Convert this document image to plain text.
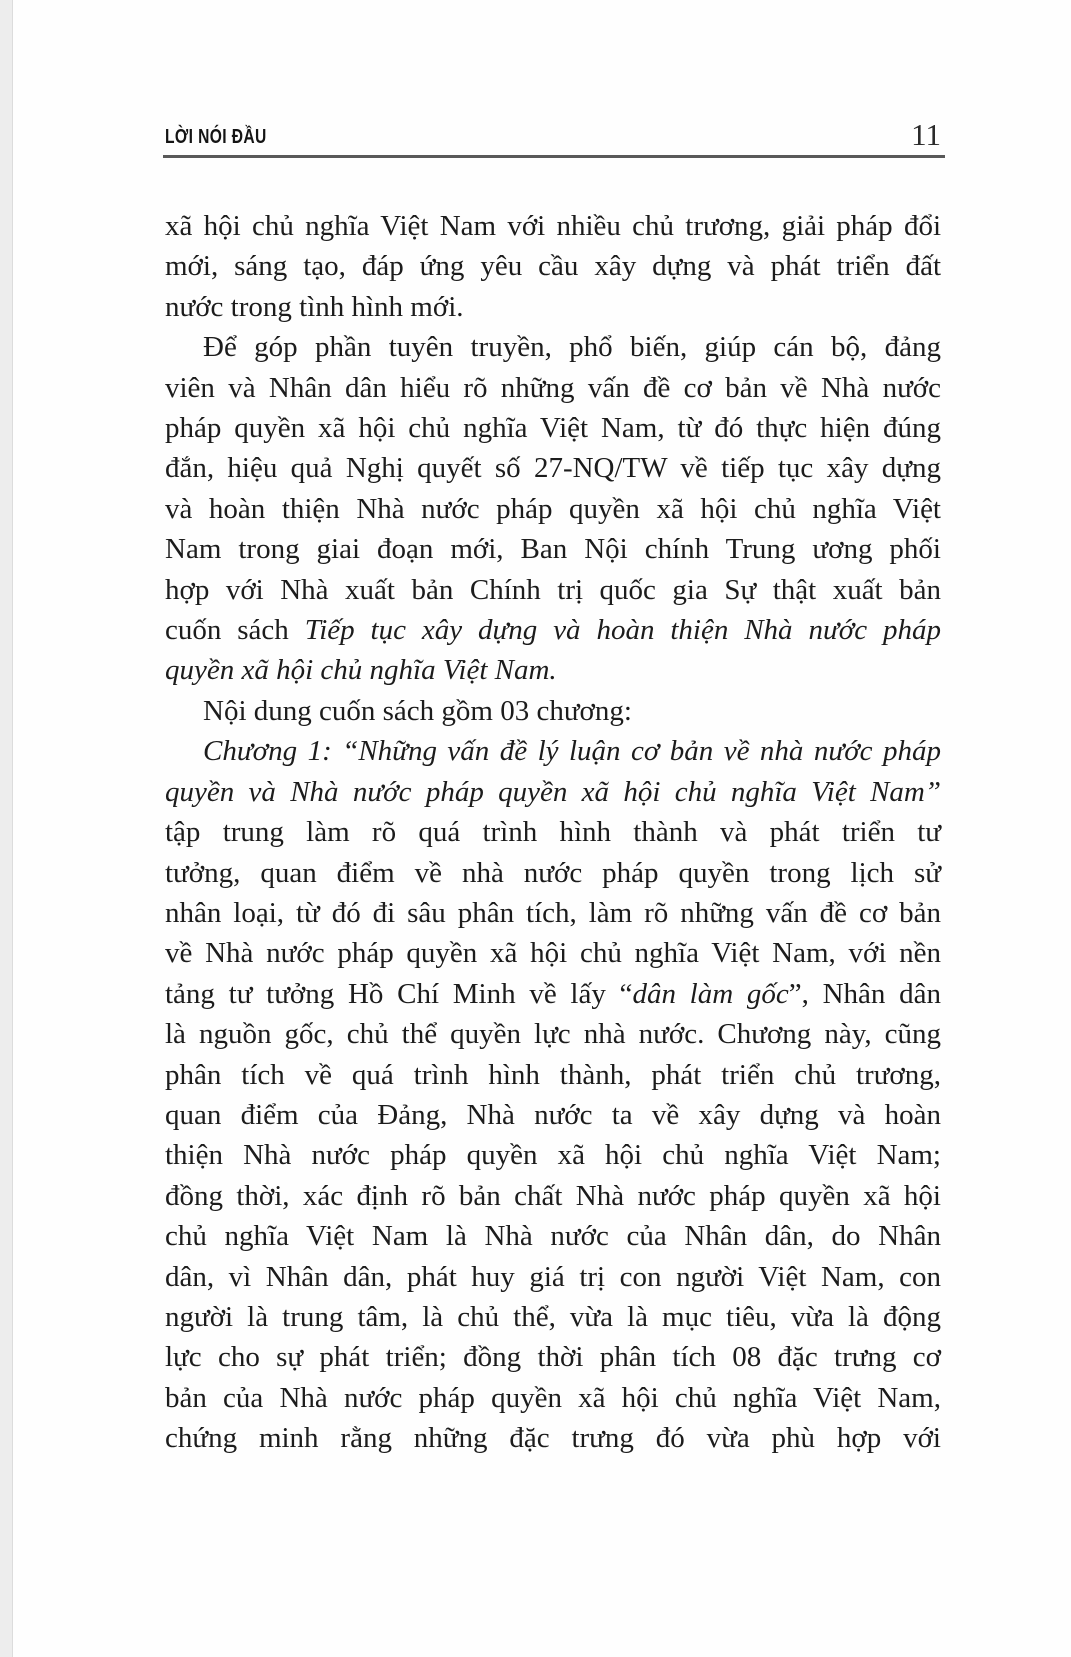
LỜI NÓI ĐẦU	11
xã hội chủ nghĩa Việt Nam với nhiều chủ trương, giải pháp đổi
mới, sáng tạo, đáp ứng yêu cầu xây dựng và phát triển đất
nước trong tình hình mới.
Để góp phần tuyên truyền, phổ biến, giúp cán bộ, đảng
viên và Nhân dân hiểu rõ những vấn đề cơ bản về Nhà nước
pháp quyền xã hội chủ nghĩa Việt Nam, từ đó thực hiện đúng
đắn, hiệu quả Nghị quyết số 27-NQ/TW về tiếp tục xây dựng
và hoàn thiện Nhà nước pháp quyền xã hội chủ nghĩa Việt
Nam trong giai đoạn mới, Ban Nội chính Trung ương phối
hợp với Nhà xuất bản Chính trị quốc gia Sự thật xuất bản
cuốn sách Tiếp tục xây dựng và hoàn thiện Nhà nước pháp
quyền xã hội chủ nghĩa Việt Nam.
Nội dung cuốn sách gồm 03 chương:
Chương 1: “Những vấn đề lý luận cơ bản về nhà nước pháp
quyền và Nhà nước pháp quyền xã hội chủ nghĩa Việt Nam”
tập trung làm rõ quá trình hình thành và phát triển tư
tưởng, quan điểm về nhà nước pháp quyền trong lịch sử
nhân loại, từ đó đi sâu phân tích, làm rõ những vấn đề cơ bản
về Nhà nước pháp quyền xã hội chủ nghĩa Việt Nam, với nền
tảng tư tưởng Hồ Chí Minh về lấy “dân làm gốc”, Nhân dân
là nguồn gốc, chủ thể quyền lực nhà nước. Chương này, cũng
phân tích về quá trình hình thành, phát triển chủ trương,
quan điểm của Đảng, Nhà nước ta về xây dựng và hoàn
thiện Nhà nước pháp quyền xã hội chủ nghĩa Việt Nam;
đồng thời, xác định rõ bản chất Nhà nước pháp quyền xã hội
chủ nghĩa Việt Nam là Nhà nước của Nhân dân, do Nhân
dân, vì Nhân dân, phát huy giá trị con người Việt Nam, con
người là trung tâm, là chủ thể, vừa là mục tiêu, vừa là động
lực cho sự phát triển; đồng thời phân tích 08 đặc trưng cơ
bản của Nhà nước pháp quyền xã hội chủ nghĩa Việt Nam,
chứng minh rằng những đặc trưng đó vừa phù hợp với
